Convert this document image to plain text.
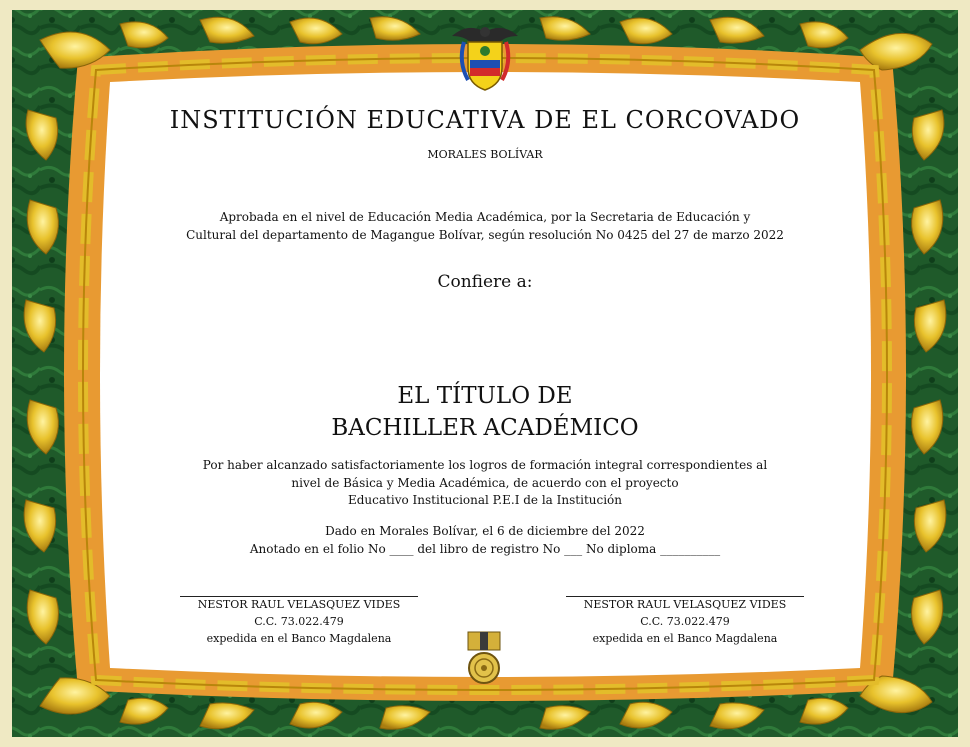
INSTITUCIÓN EDUCATIVA DE EL CORCOVADO
MORALES BOLÍVAR
Aprobada en el nivel de Educación Media Académica, por la Secretaria de Educación y
Cultural del departamento de Magangue Bolívar, según resolución No 0425 del 27 de marzo 2022
Confiere a:
EL TÍTULO DE
BACHILLER ACADÉMICO
Por haber alcanzado satisfactoriamente los logros de formación integral correspondientes al
nivel de Básica y Media Académica, de acuerdo con el proyecto
Educativo Institucional P.E.I de la Institución
Dado en Morales Bolívar, el 6 de diciembre del 2022
Anotado en el folio No ____ del libro de registro No ___ No diploma __________
NESTOR RAUL VELASQUEZ VIDES
C.C. 73.022.479
expedida en el Banco Magdalena
NESTOR RAUL VELASQUEZ VIDES
C.C. 73.022.479
expedida en el Banco Magdalena
